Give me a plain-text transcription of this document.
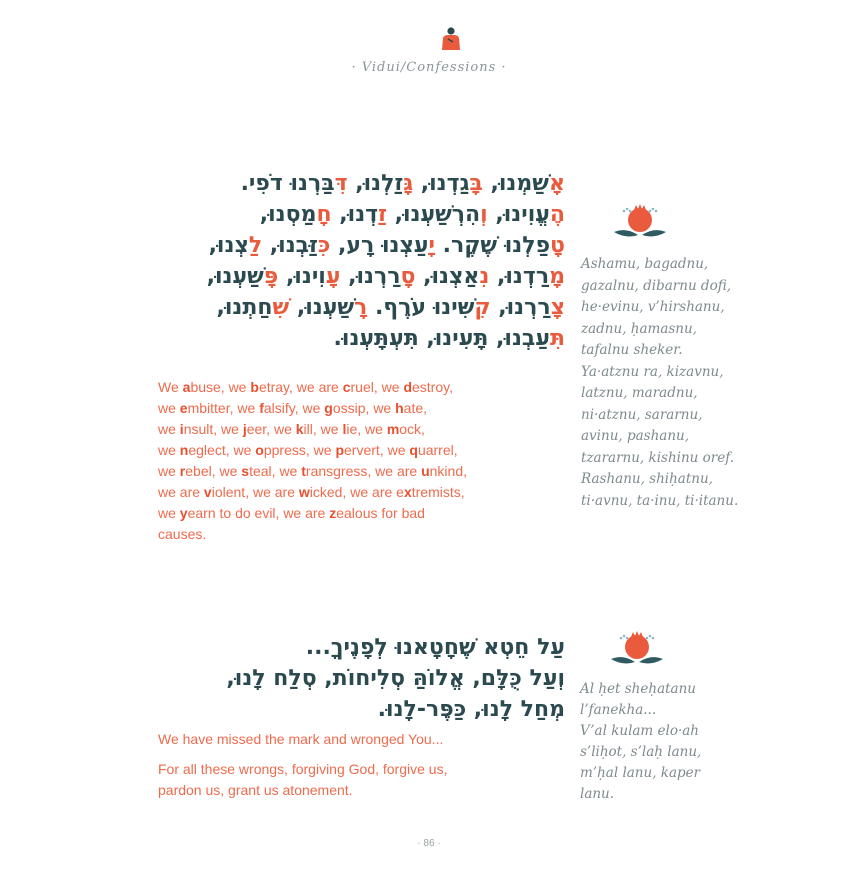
· Vidui/Confessions ·
אָשַׁמְנוּ, בָּגַדְנוּ, גָּזַלְנוּ, דִּבַּרְנוּ דֹפִי.
הֶעֱוִינוּ, וְהִרְשַׁעְנוּ, זַדְנוּ, חָמַסְנוּ,
טָפַלְנוּ שֶׁקֶר. יָעַצְנוּ רָע, כִּזַּבְנוּ, לַצְנוּ,
מָרַדְנוּ, נִאַצְנוּ, סָרַרְנוּ, עָוִינוּ, פָּשַׁעְנוּ,
צָרַרְנוּ, קִשִּׁינוּ עֹרֶף. רָשַׁעְנוּ, שִׁחַתְנוּ,
תִּעַבְנוּ, תָּעִינוּ, תִּעְתָּעְנוּ.
We abuse, we betray, we are cruel, we destroy,
we embitter, we falsify, we gossip, we hate,
we insult, we jeer, we kill, we lie, we mock,
we neglect, we oppress, we pervert, we quarrel,
we rebel, we steal, we transgress, we are unkind,
we are violent, we are wicked, we are extremists,
we yearn to do evil, we are zealous for bad
causes.
Ashamu, bagadnu,
gazalnu, dibarnu dofi,
he·evinu, v’hirshanu,
zadnu, ḥamasnu,
tafalnu sheker.
Ya·atznu ra, kizavnu,
latznu, maradnu,
ni·atznu, sararnu,
avinu, pashanu,
tzararnu, kishinu oref.
Rashanu, shiḥatnu,
ti·avnu, ta·inu, ti·itanu.
עַל חֵטְא שֶׁחָטָאנוּ לְפָנֶיךָ...
וְעַל כֻּלָּם, אֱלוֹהַּ סְלִיחוֹת, סְלַח לָנוּ,
מְחַל לָנוּ, כַּפֶּר-לָנוּ.
We have missed the mark and wronged You...
For all these wrongs, forgiving God, forgive us,
pardon us, grant us atonement.
Al ḥet sheḥatanu
l’fanekha...
V’al kulam elo·ah
s’liḥot, s’laḥ lanu,
m’ḥal lanu, kaper
lanu.
· 86 ·
